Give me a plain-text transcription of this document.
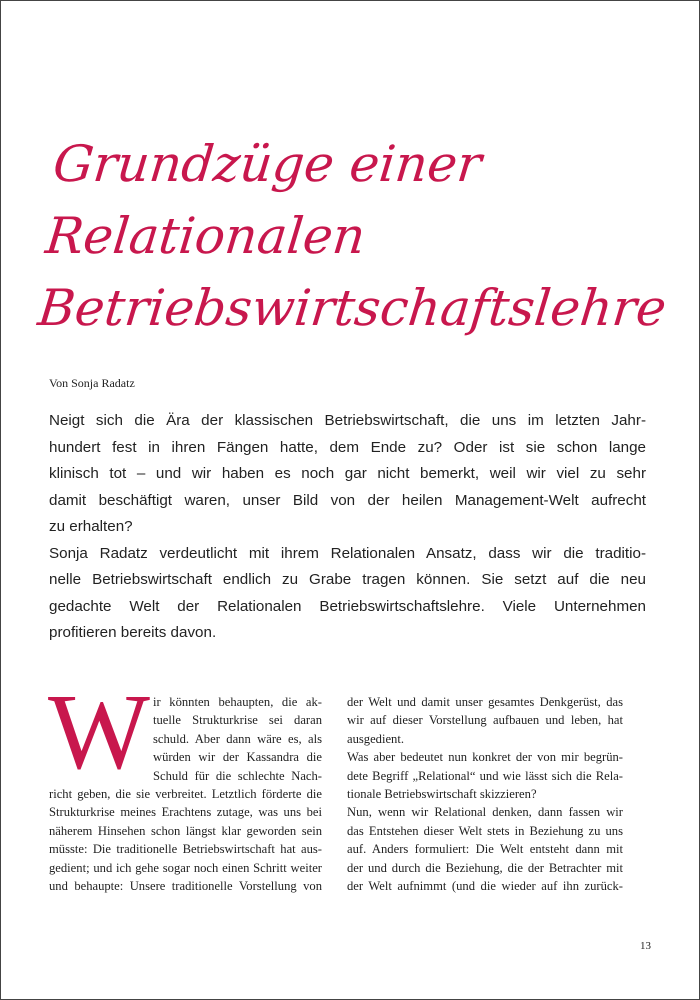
Grundzüge einer
Relationalen
Betriebswirtschaftslehre
Von Sonja Radatz
Neigt sich die Ära der klassischen Betriebswirtschaft, die uns im letzten Jahr-
hundert fest in ihren Fängen hatte, dem Ende zu? Oder ist sie schon lange
klinisch tot – und wir haben es noch gar nicht bemerkt, weil wir viel zu sehr
damit beschäftigt waren, unser Bild von der heilen Management-Welt aufrecht
zu erhalten?
Sonja Radatz verdeutlicht mit ihrem Relationalen Ansatz, dass wir die traditio-
nelle Betriebswirtschaft endlich zu Grabe tragen können. Sie setzt auf die neu
gedachte Welt der Relationalen Betriebswirtschaftslehre. Viele Unternehmen
profitieren bereits davon.
W ir könnten behaupten, die ak-
tuelle Strukturkrise sei daran
schuld. Aber dann wäre es, als
würden wir der Kassandra die
Schuld für die schlechte Nach-
richt geben, die sie verbreitet. Letztlich förderte die
Strukturkrise meines Erachtens zutage, was uns bei
näherem Hinsehen schon längst klar geworden sein
müsste: Die traditionelle Betriebswirtschaft hat aus-
gedient; und ich gehe sogar noch einen Schritt weiter
und behaupte: Unsere traditionelle Vorstellung von
der Welt und damit unser gesamtes Denkgerüst, das
wir auf dieser Vorstellung aufbauen und leben, hat
ausgedient.
Was aber bedeutet nun konkret der von mir begrün-
dete Begriff „Relational“ und wie lässt sich die Rela-
tionale Betriebswirtschaft skizzieren?
Nun, wenn wir Relational denken, dann fassen wir
das Entstehen dieser Welt stets in Beziehung zu uns
auf. Anders formuliert: Die Welt entsteht dann mit
der und durch die Beziehung, die der Betrachter mit
der Welt aufnimmt (und die wieder auf ihn zurück-
13
